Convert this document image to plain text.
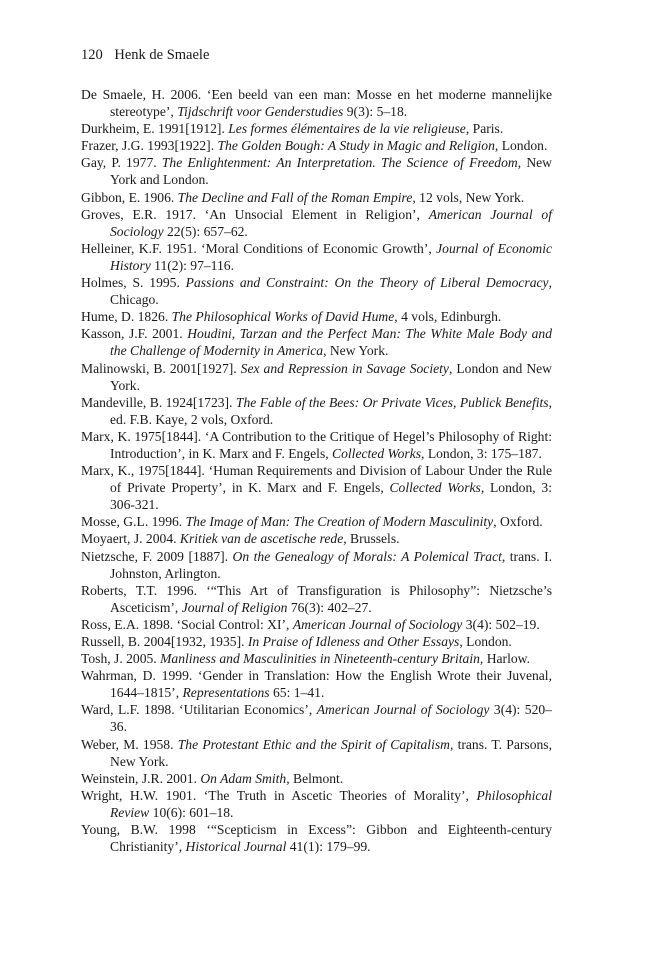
120 Henk de Smaele

De Smaele, H. 2006. ‘Een beeld van een man: Mosse en het moderne mannelijke stereotype’, Tijdschrift voor Genderstudies 9(3): 5–18.

Durkheim, E. 1991[1912]. Les formes élémentaires de la vie religieuse, Paris.

Frazer, J.G. 1993[1922]. The Golden Bough: A Study in Magic and Religion, London.

Gay, P. 1977. The Enlightenment: An Interpretation. The Science of Freedom, New York and London.

Gibbon, E. 1906. The Decline and Fall of the Roman Empire, 12 vols, New York.

Groves, E.R. 1917. ‘An Unsocial Element in Religion’, American Journal of Sociology 22(5): 657–62.

Helleiner, K.F. 1951. ‘Moral Conditions of Economic Growth’, Journal of Economic History 11(2): 97–116.

Holmes, S. 1995. Passions and Constraint: On the Theory of Liberal Democracy, Chicago.

Hume, D. 1826. The Philosophical Works of David Hume, 4 vols, Edinburgh.

Kasson, J.F. 2001. Houdini, Tarzan and the Perfect Man: The White Male Body and the Challenge of Modernity in America, New York.

Malinowski, B. 2001[1927]. Sex and Repression in Savage Society, London and New York.

Mandeville, B. 1924[1723]. The Fable of the Bees: Or Private Vices, Publick Benefits, ed. F.B. Kaye, 2 vols, Oxford.

Marx, K. 1975[1844]. ‘A Contribution to the Critique of Hegel’s Philosophy of Right: Introduction’, in K. Marx and F. Engels, Collected Works, London, 3: 175–187.

Marx, K., 1975[1844]. ‘Human Requirements and Division of Labour Under the Rule of Private Property’, in K. Marx and F. Engels, Collected Works, London, 3: 306-321.

Mosse, G.L. 1996. The Image of Man: The Creation of Modern Masculinity, Oxford.

Moyaert, J. 2004. Kritiek van de ascetische rede, Brussels.

Nietzsche, F. 2009 [1887]. On the Genealogy of Morals: A Polemical Tract, trans. I. Johnston, Arlington.

Roberts, T.T. 1996. ‘“This Art of Transfiguration is Philosophy”: Nietzsche’s Asceticism’, Journal of Religion 76(3): 402–27.

Ross, E.A. 1898. ‘Social Control: XI’, American Journal of Sociology 3(4): 502–19.

Russell, B. 2004[1932, 1935]. In Praise of Idleness and Other Essays, London.

Tosh, J. 2005. Manliness and Masculinities in Nineteenth-century Britain, Harlow.

Wahrman, D. 1999. ‘Gender in Translation: How the English Wrote their Juvenal, 1644–1815’, Representations 65: 1–41.

Ward, L.F. 1898. ‘Utilitarian Economics’, American Journal of Sociology 3(4): 520–36.

Weber, M. 1958. The Protestant Ethic and the Spirit of Capitalism, trans. T. Parsons, New York.

Weinstein, J.R. 2001. On Adam Smith, Belmont.

Wright, H.W. 1901. ‘The Truth in Ascetic Theories of Morality’, Philosophical Review 10(6): 601–18.

Young, B.W. 1998 ‘“Scepticism in Excess”: Gibbon and Eighteenth-century Christianity’, Historical Journal 41(1): 179–99.
